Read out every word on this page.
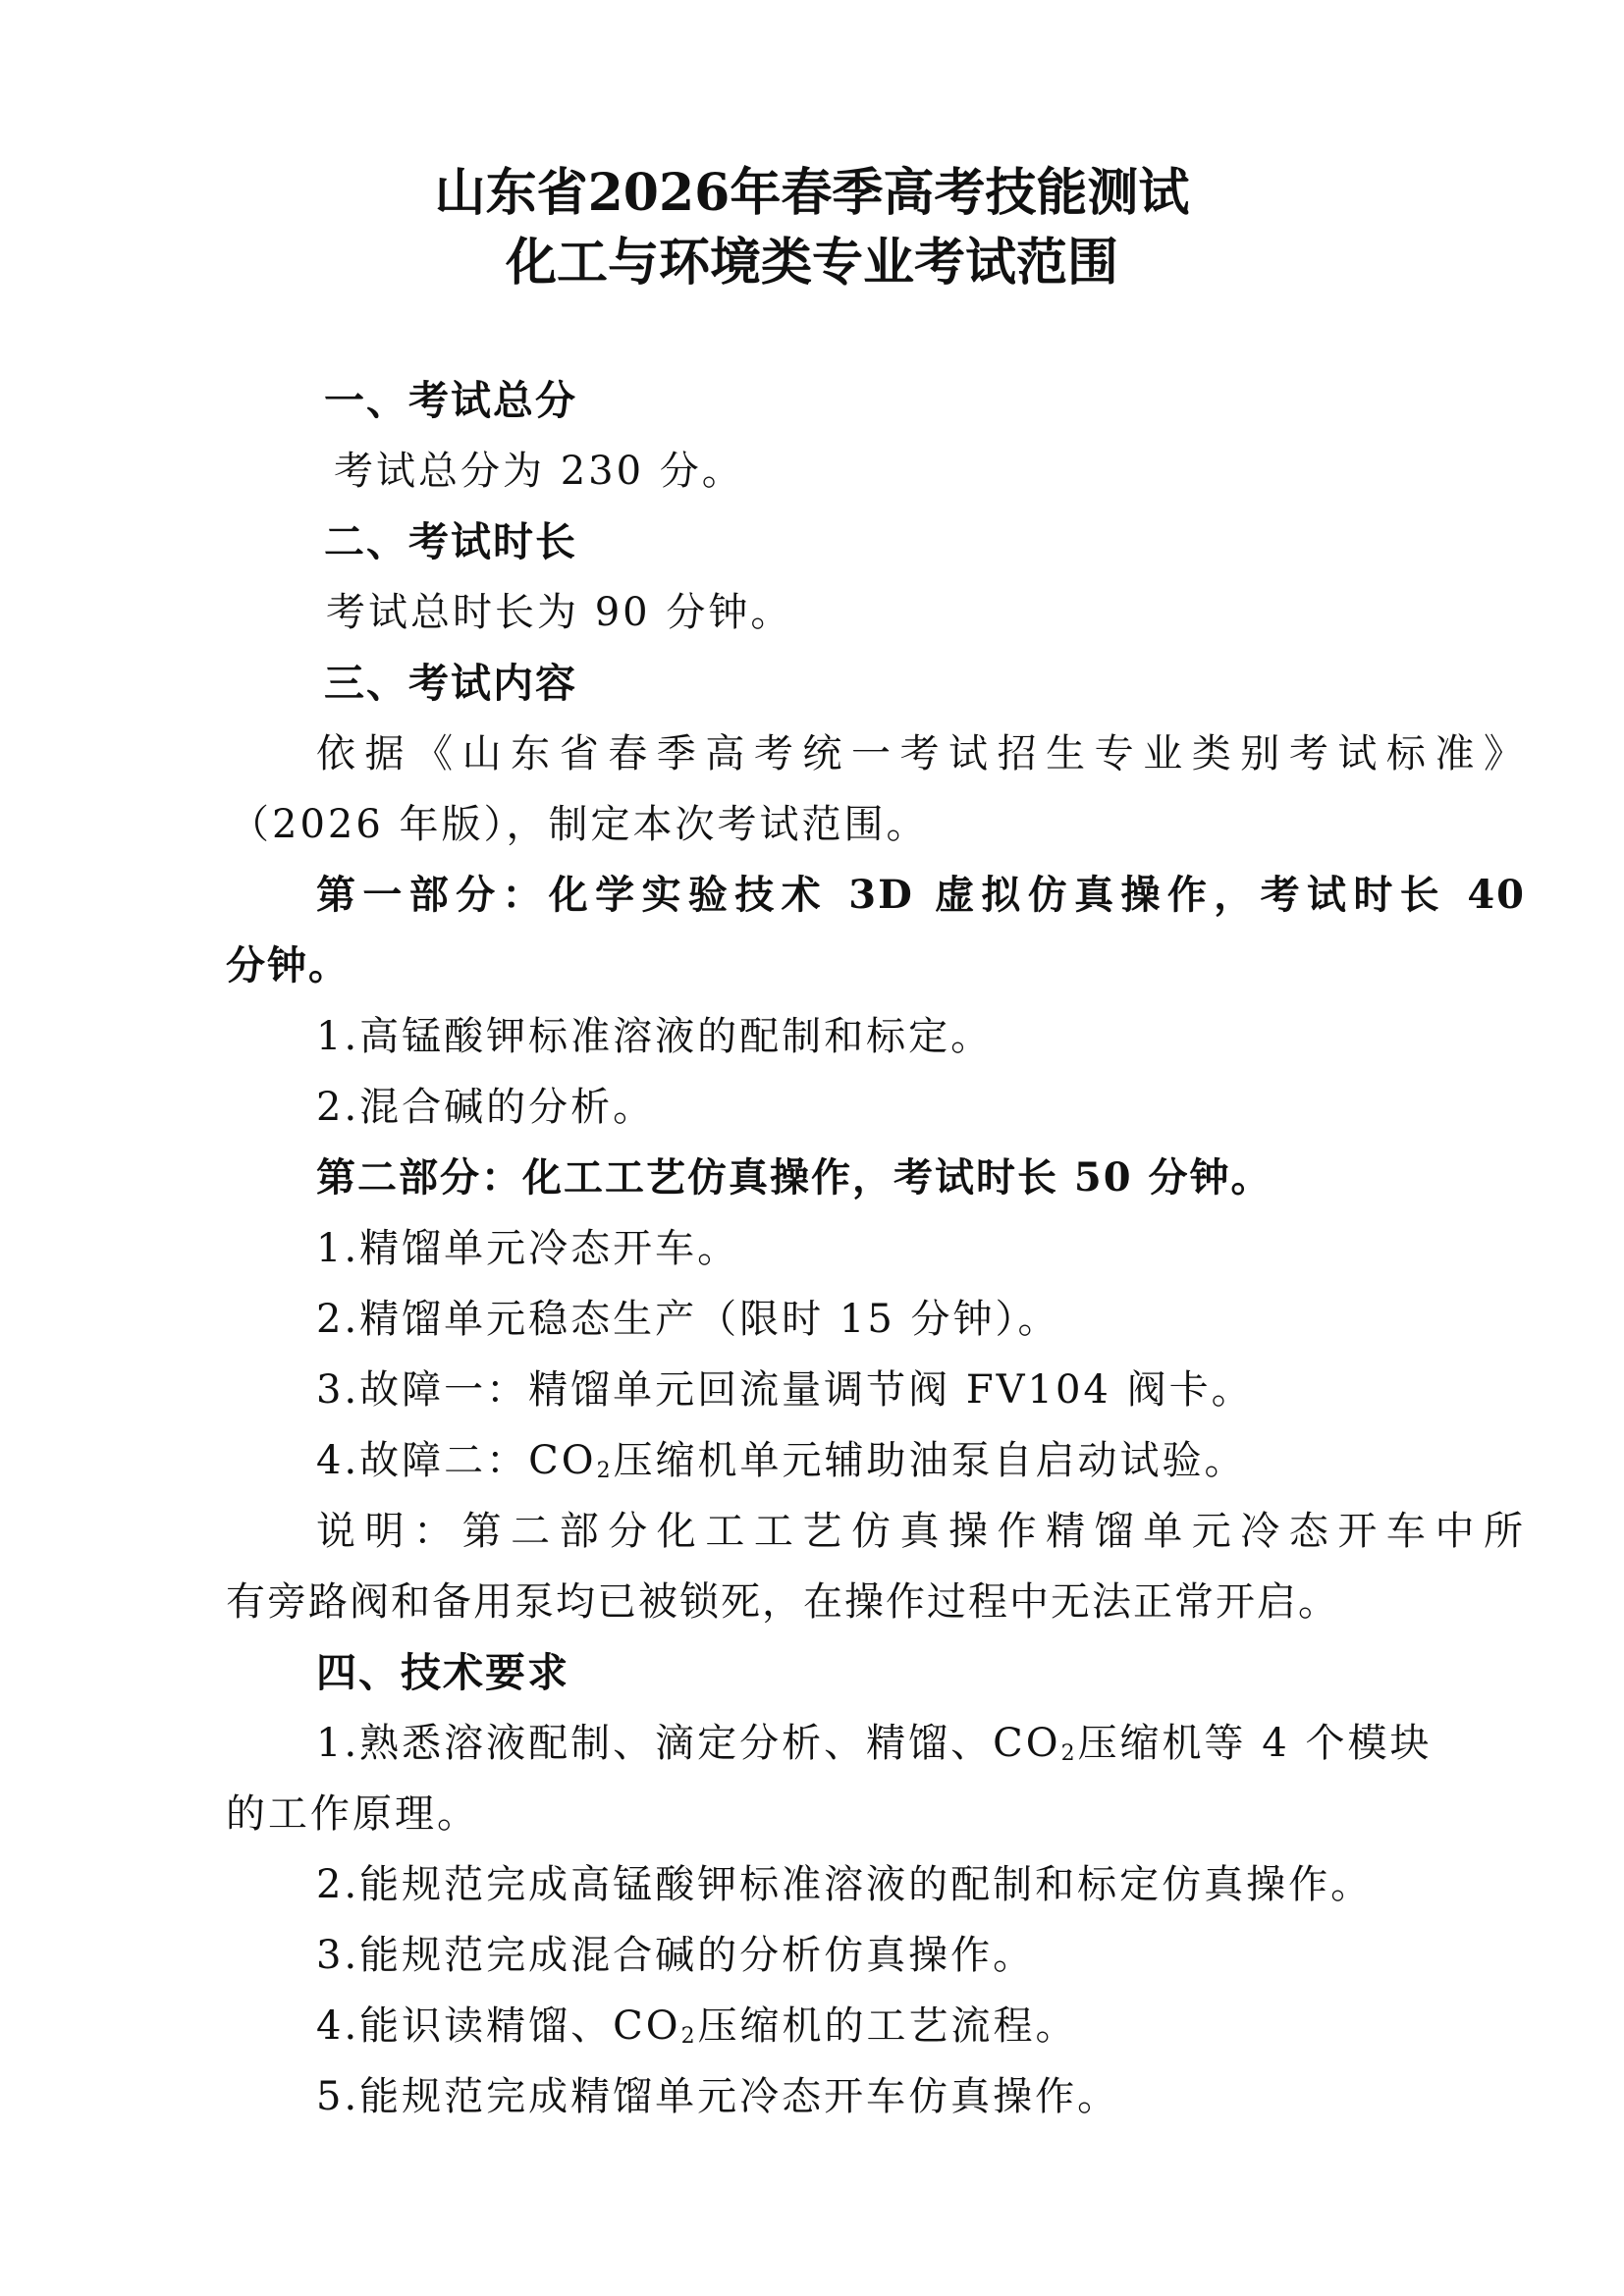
山东省2026年春季高考技能测试
化工与环境类专业考试范围
一、考试总分
考试总分为 230 分。
二、考试时长
考试总时长为 90 分钟。
三、考试内容
依据《山东省春季高考统一考试招生专业类别考试标准》
（2026 年版），制定本次考试范围。
第一部分：化学实验技术 3D 虚拟仿真操作，考试时长 40
分钟。
1.高锰酸钾标准溶液的配制和标定。
2.混合碱的分析。
第二部分：化工工艺仿真操作，考试时长 50 分钟。
1.精馏单元冷态开车。
2.精馏单元稳态生产（限时 15 分钟）。
3.故障一：精馏单元回流量调节阀 FV104 阀卡。
4.故障二：$CO_2$压缩机单元辅助油泵自启动试验。
说明：第二部分化工工艺仿真操作精馏单元冷态开车中所
有旁路阀和备用泵均已被锁死，在操作过程中无法正常开启。
四、技术要求
1.熟悉溶液配制、滴定分析、精馏、$CO_2$压缩机等 4 个模块
的工作原理。
2.能规范完成高锰酸钾标准溶液的配制和标定仿真操作。
3.能规范完成混合碱的分析仿真操作。
4.能识读精馏、$CO_2$压缩机的工艺流程。
5.能规范完成精馏单元冷态开车仿真操作。
